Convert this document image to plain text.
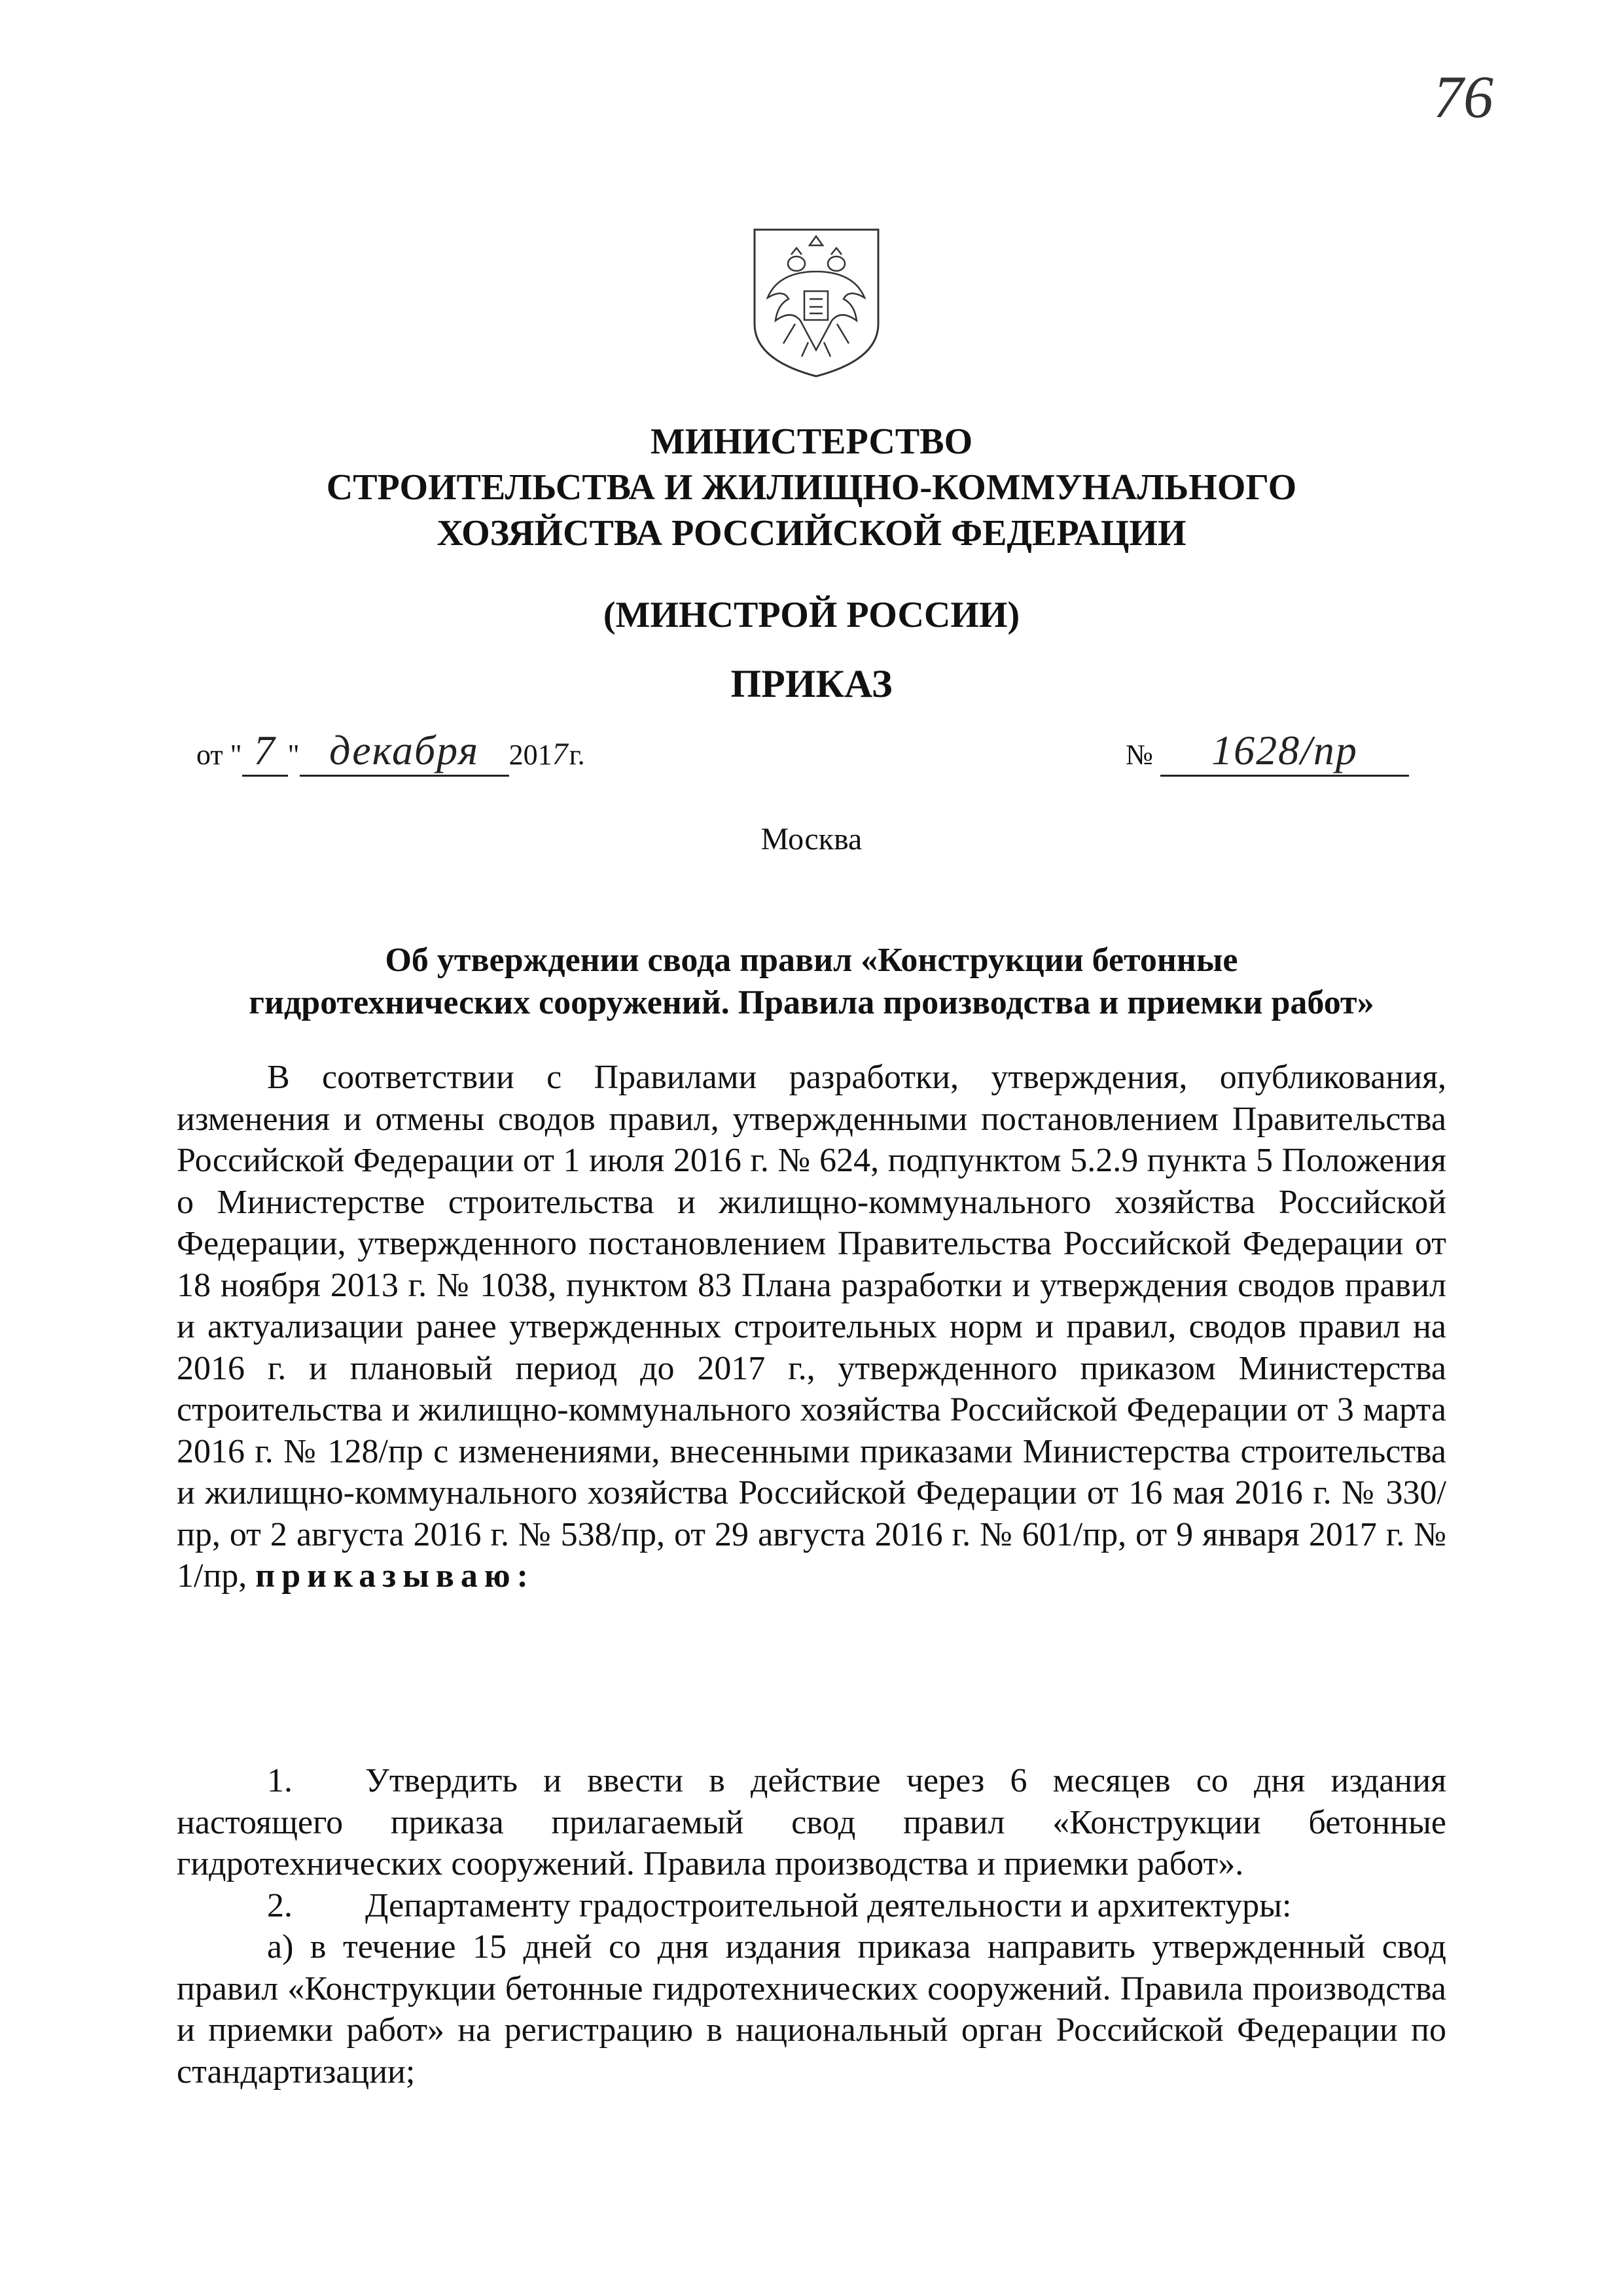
76
МИНИСТЕРСТВО
СТРОИТЕЛЬСТВА И ЖИЛИЩНО-КОММУНАЛЬНОГО
ХОЗЯЙСТВА РОССИЙСКОЙ ФЕДЕРАЦИИ
(МИНСТРОЙ РОССИИ)
ПРИКАЗ
от " 7 " декабря 2017г.	№ 1628/пр
Москва
Об утверждении свода правил «Конструкции бетонные
гидротехнических сооружений. Правила производства и приемки работ»

В соответствии с Правилами разработки, утверждения, опубликования, изменения и отмены сводов правил, утвержденными постановлением Правительства Российской Федерации от 1 июля 2016 г. № 624, подпунктом 5.2.9 пункта 5 Положения о Министерстве строительства и жилищно-коммунального хозяйства Российской Федерации, утвержденного постановлением Правительства Российской Федерации от 18 ноября 2013 г. № 1038, пунктом 83 Плана разработки и утверждения сводов правил и актуализации ранее утвержденных строительных норм и правил, сводов правил на 2016 г. и плановый период до 2017 г., утвержденного приказом Министерства строительства и жилищно-коммунального хозяйства Российской Федерации от 3 марта 2016 г. № 128/пр с изменениями, внесенными приказами Министерства строительства и жилищно-коммунального хозяйства Российской Федерации от 16 мая 2016 г. № 330/пр, от 2 августа 2016 г. № 538/пр, от 29 августа 2016 г. № 601/пр, от 9 января 2017 г. № 1/пр, приказываю:

1. Утвердить и ввести в действие через 6 месяцев со дня издания настоящего приказа прилагаемый свод правил «Конструкции бетонные гидротехнических сооружений. Правила производства и приемки работ».

2. Департаменту градостроительной деятельности и архитектуры:

а) в течение 15 дней со дня издания приказа направить утвержденный свод правил «Конструкции бетонные гидротехнических сооружений. Правила производства и приемки работ» на регистрацию в национальный орган Российской Федерации по стандартизации;
